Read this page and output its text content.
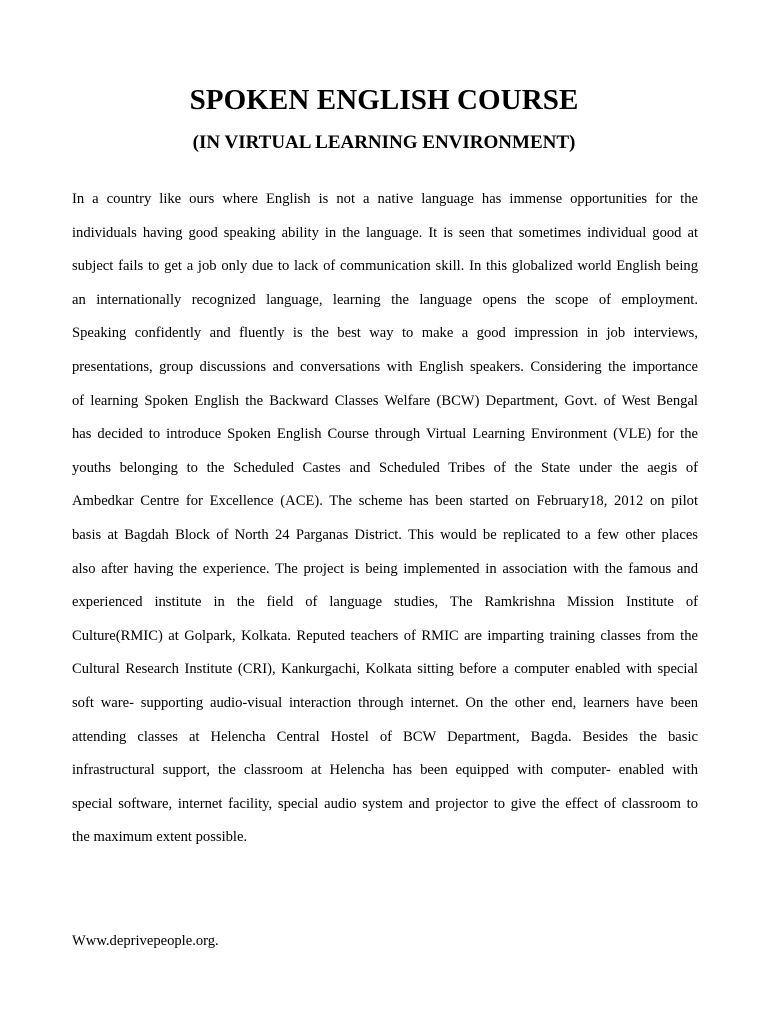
SPOKEN ENGLISH COURSE
(IN VIRTUAL LEARNING ENVIRONMENT)
In a country like ours where English is not a native language has immense opportunities for the
individuals having good speaking ability in the language. It is seen that sometimes individual good at
subject fails to get a job only due to lack of communication skill. In this globalized world English being
an internationally recognized language, learning the language opens the scope of employment.
Speaking confidently and fluently is the best way to make a good impression in job interviews,
presentations, group discussions and conversations with English speakers. Considering the importance
of learning Spoken English the Backward Classes Welfare (BCW) Department, Govt. of West Bengal
has decided to introduce Spoken English Course through Virtual Learning Environment (VLE) for the
youths belonging to the Scheduled Castes and Scheduled Tribes of the State under the aegis of
Ambedkar Centre for Excellence (ACE). The scheme has been started on February18, 2012 on pilot
basis at Bagdah Block of North 24 Parganas District. This would be replicated to a few other places
also after having the experience. The project is being implemented in association with the famous and
experienced institute in the field of language studies, The Ramkrishna Mission Institute of
Culture(RMIC) at Golpark, Kolkata. Reputed teachers of RMIC are imparting training classes from the
Cultural Research Institute (CRI), Kankurgachi, Kolkata sitting before a computer enabled with special
soft ware- supporting audio-visual interaction through internet. On the other end, learners have been
attending classes at Helencha Central Hostel of BCW Department, Bagda. Besides the basic
infrastructural support, the classroom at Helencha has been equipped with computer- enabled with
special software, internet facility, special audio system and projector to give the effect of classroom to
the maximum extent possible.

Www.deprivepeople.org.
